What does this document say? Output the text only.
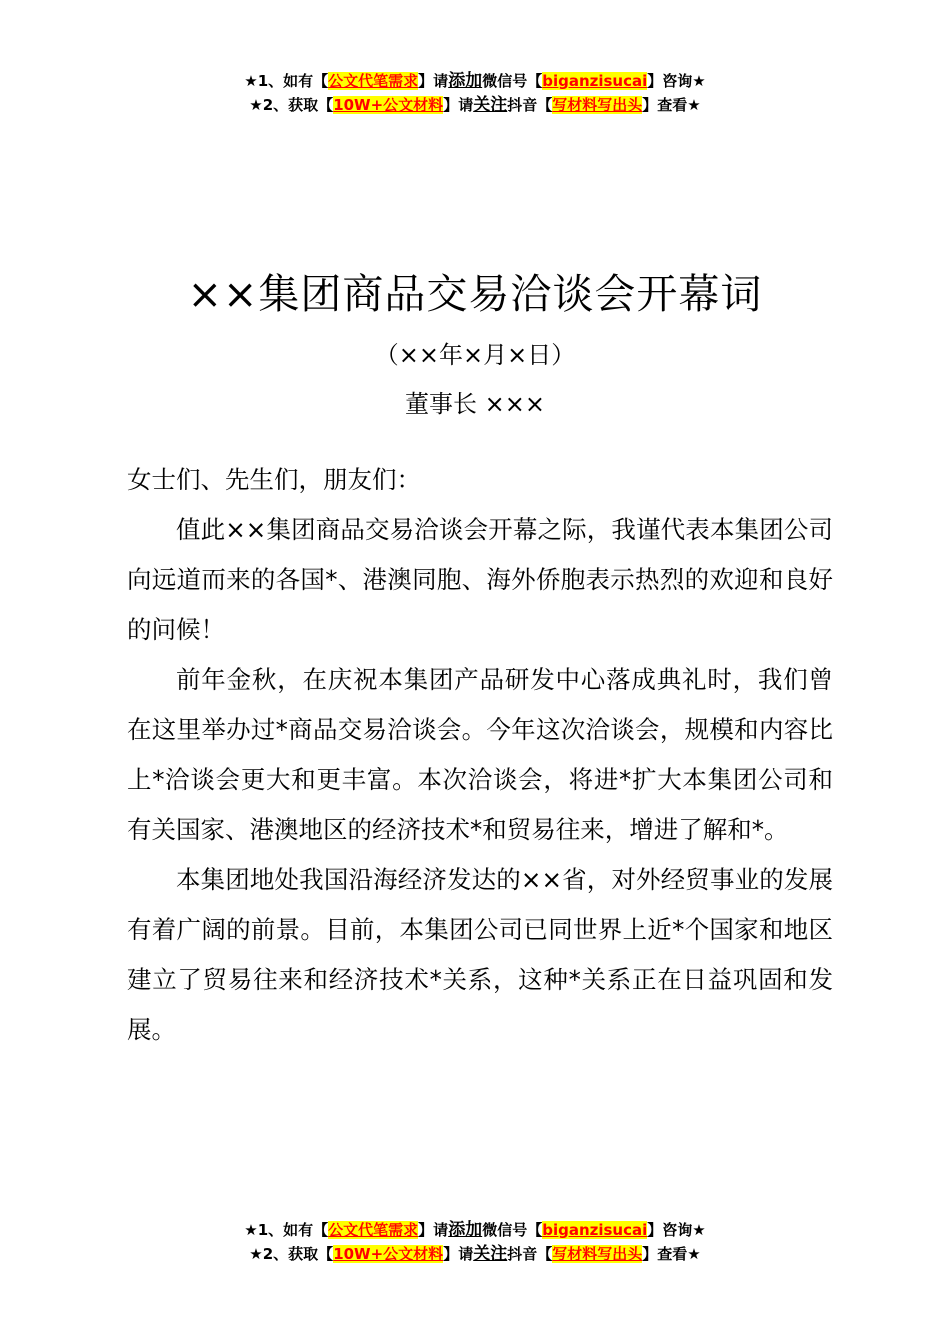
★1、如有【公文代笔需求】请添加微信号【biganzisucai】咨询★
★2、获取【10W+公文材料】请关注抖音【写材料写出头】查看★
××集团商品交易洽谈会开幕词
（××年×月×日）
董事长 ×××

女士们、先生们，朋友们：

值此××集团商品交易洽谈会开幕之际，我谨代表本集团公司向远道而来的各国*、港澳同胞、海外侨胞表示热烈的欢迎和良好的问候！

前年金秋，在庆祝本集团产品研发中心落成典礼时，我们曾在这里举办过*商品交易洽谈会。今年这次洽谈会，规模和内容比上*洽谈会更大和更丰富。本次洽谈会，将进*扩大本集团公司和有关国家、港澳地区的经济技术*和贸易往来，增进了解和*。

本集团地处我国沿海经济发达的××省，对外经贸事业的发展有着广阔的前景。目前，本集团公司已同世界上近*个国家和地区建立了贸易往来和经济技术*关系，这种*关系正在日益巩固和发展。

★1、如有【公文代笔需求】请添加微信号【biganzisucai】咨询★
★2、获取【10W+公文材料】请关注抖音【写材料写出头】查看★
